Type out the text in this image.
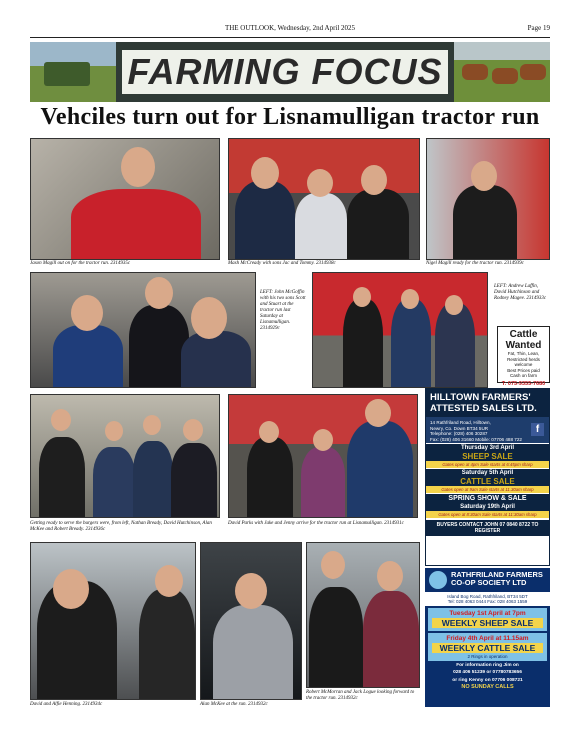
THE OUTLOOK, Wednesday, 2nd April 2025	Page 19
FARMING FOCUS
Vehciles turn out for Lisnamulligan tractor run
Jason Magill out on for the tractor run. 2314935c	Mash McCready with sons Jac and Tommy. 2314938c	Nigel Magill ready for the tractor run. 2314939c
LEFT: John McGoffin with his two sons Scott and Stuart at the tractor run last Saturday at Lisnamulligan. 2314929c
LEFT: Andrew Laffin, David Hutchinson and Rodney Magee. 2314933c
Cattle
Wanted
Fat, Thin, Lean,
Restricted herds welcome
Best Prices paid
Cash on farm
T: 075-9355-7680
Getting ready to serve the burgers were, from left, Nathan Bready, David Hutchinson, Alan McKee and Robert Bready. 2314936c
David Parks with Jake and Jenny arrive for the tractor run at Lisnamulligan. 2314931c
HILLTOWN FARMERS' ATTESTED SALES LTD.
14 Rathfriland Road, Hilltown,
Newry, Co. Down BT34 5UR
Telephone: (028) 406 30287
Fax: (028) 406 31660 Mobile: 07706 488 722
f
Thursday 3rd April
SHEEP SALE
Gates open at 4pm Sale starts at 6:45pm sharp
Saturday 5th April
CATTLE SALE
Gates open at 9am Sale starts at 11.30am sharp
SPRING SHOW & SALE
Saturday 19th April
Gates open at 8:30am Sale starts at 11:30am sharp
BUYERS CONTACT JOHN 07 0840 8722 TO REGISTER
David and Alfie Henning. 2314934c	Alan McKee at the run. 2314932c
Robert McMorran and Jack Logue looking forward to the tractor run. 2314932c
RATHFRILAND FARMERS CO-OP SOCIETY LTD
Island Bog Road, Rathfriland, BT34 5DT
Tel: 028 4063 0444 Fax: 028 4063 1559
Tuesday 1st April at 7pm
WEEKLY SHEEP SALE
Friday 4th April at 11.15am
WEEKLY CATTLE SALE
2 Rings in operation
For information ring Jim on
028 406 51239 or 07780783656
or ring Kenny on 07706 008721
NO SUNDAY CALLS
